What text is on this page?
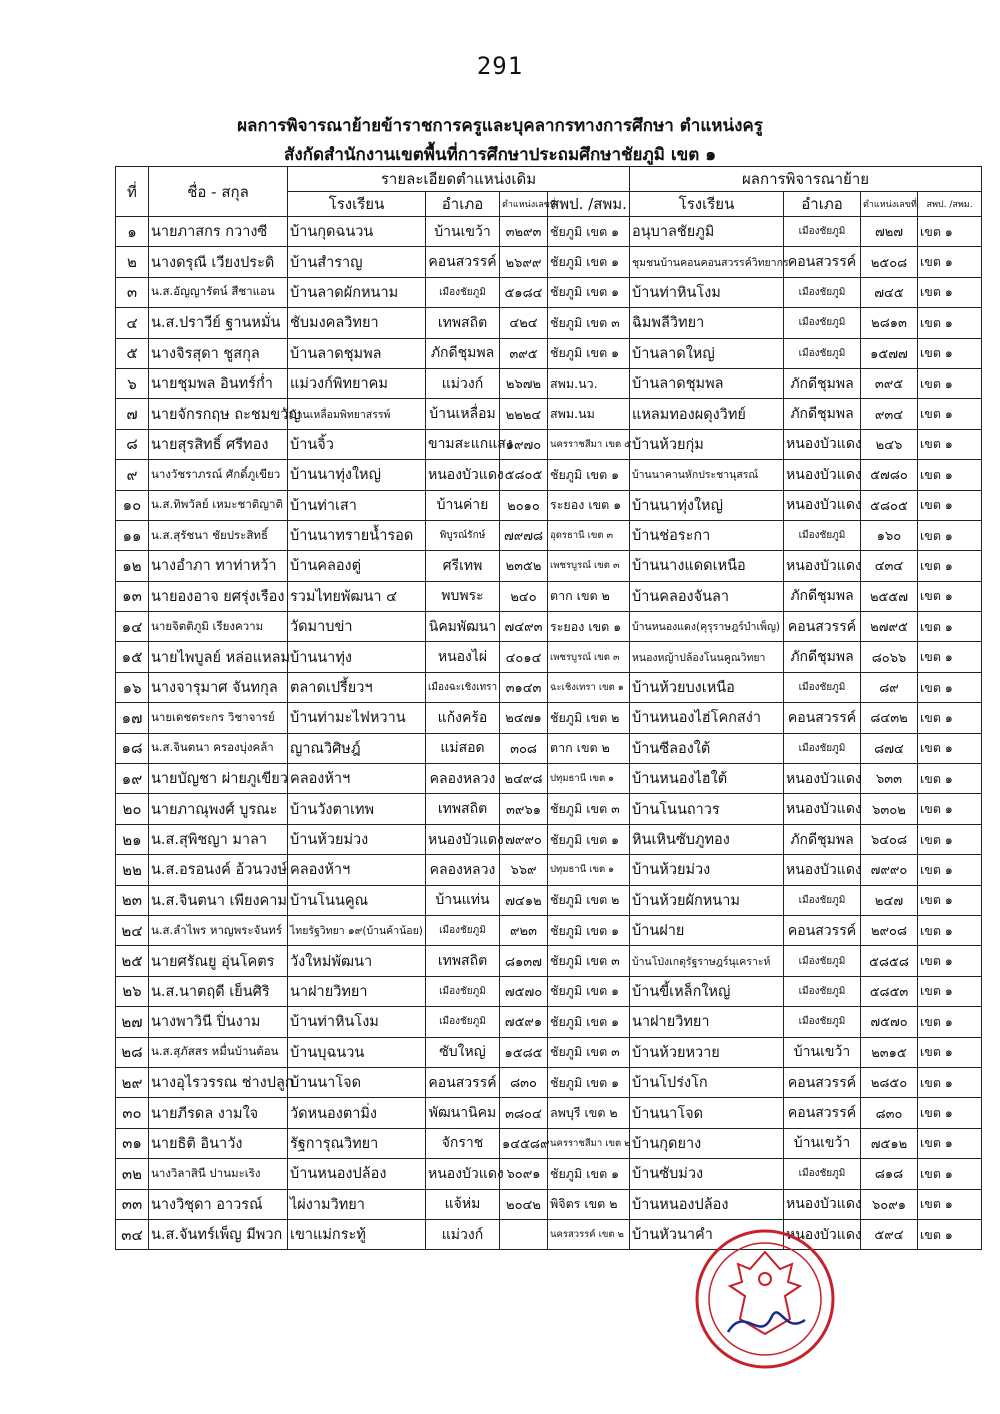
291
ผลการพิจารณาย้ายข้าราชการครูและบุคลากรทางการศึกษา ตำแหน่งครู
สังกัดสำนักงานเขตพื้นที่การศึกษาประถมศึกษาชัยภูมิ เขต ๑
ที่	ชื่อ - สกุล	รายละเอียดตำแหน่งเดิม				ผลการพิจารณาย้าย			
		โรงเรียน	อำเภอ	ตำแหน่งเลขที่	สพป. /สพม.	โรงเรียน	อำเภอ	ตำแหน่งเลขที่	สพป. /สพม.
๑	นายภาสกร กวางซี	บ้านกุดฉนวน	บ้านเขว้า	๓๒๙๓	ชัยภูมิ เขต ๑	อนุบาลชัยภูมิ	เมืองชัยภูมิ	๗๒๗	เขต ๑
๒	นางดรุณี เวียงประดิ	บ้านสำราญ	คอนสวรรค์	๒๖๙๙	ชัยภูมิ เขต ๑	ชุมชนบ้านคอนคอนสวรรค์วิทยากร	คอนสวรรค์	๒๕๐๘	เขต ๑
๓	น.ส.อัญญารัตน์ สีชาแอน	บ้านลาดผักหนาม	เมืองชัยภูมิ	๕๑๘๔	ชัยภูมิ เขต ๑	บ้านท่าหินโงม	เมืองชัยภูมิ	๗๔๕	เขต ๑
๔	น.ส.ปราวีย์ ฐานหมั่น	ชับมงคลวิทยา	เทพสถิต	๔๒๔	ชัยภูมิ เขต ๓	ฉิมพลีวิทยา	เมืองชัยภูมิ	๒๘๑๓	เขต ๑
๕	นางจิรสุดา ชูสกุล	บ้านลาดชุมพล	ภักดีชุมพล	๓๙๕	ชัยภูมิ เขต ๑	บ้านลาดใหญ่	เมืองชัยภูมิ	๑๕๗๗	เขต ๑
๖	นายชุมพล อินทร์ก่ำ	แม่วงก์พิทยาคม	แม่วงก์	๒๖๗๒	สพม.นว.	บ้านลาดชุมพล	ภักดีชุมพล	๓๙๕	เขต ๑
๗	นายจักรกฤษ ถะชมขวัญ	บ้านเหลื่อมพิทยาสรรพ์	บ้านเหลื่อม	๒๒๒๔	สพม.นม	แหลมทองผดุงวิทย์	ภักดีชุมพล	๙๓๔	เขต ๑
๘	นายสุรสิทธิ์ ศรีทอง	บ้านจิ้ว	ขามสะแกแสง	๑๙๗๐	นครราชสีมา เขต ๕	บ้านห้วยกุ่ม	หนองบัวแดง	๒๔๖	เขต ๑
๙	นางวัชราภรณ์ ศักดิ์ภูเขียว	บ้านนาทุ่งใหญ่	หนองบัวแดง	๕๘๐๕	ชัยภูมิ เขต ๑	บ้านนาคานหักประชานุสรณ์	หนองบัวแดง	๕๗๘๐	เขต ๑
๑๐	น.ส.ทิพวัลย์ เหมะชาติญาติ	บ้านท่าเสา	บ้านค่าย	๒๐๑๐	ระยอง เขต ๑	บ้านนาทุ่งใหญ่	หนองบัวแดง	๕๘๐๕	เขต ๑
๑๑	น.ส.สุรัชนา ชัยประสิทธิ์	บ้านนาทรายน้ำรอด	พิบูรณ์รักษ์	๗๙๗๘	อุดรธานี เขต ๓	บ้านช่อระกา	เมืองชัยภูมิ	๑๖๐	เขต ๑
๑๒	นางอำภา ทาท่าหว้า	บ้านคลองตู่	ศรีเทพ	๒๓๕๒	เพชรบูรณ์ เขต ๓	บ้านนางแดดเหนือ	หนองบัวแดง	๔๓๔	เขต ๑
๑๓	นายองอาจ ยศรุ่งเรือง	รวมไทยพัฒนา ๔	พบพระ	๒๔๐	ตาก เขต ๒	บ้านคลองจันลา	ภักดีชุมพล	๒๕๕๗	เขต ๑
๑๔	นายจิตติภูมิ เรียงความ	วัดมาบข่า	นิคมพัฒนา	๗๔๙๓	ระยอง เขต ๑	บ้านหนองแดง(คุรุราษฎร์บำเพ็ญ)	คอนสวรรค์	๒๗๙๕	เขต ๑
๑๕	นายไพบูลย์ หล่อแหลม	บ้านนาทุ่ง	หนองไผ่	๔๐๑๔	เพชรบูรณ์ เขต ๓	หนองหญ้าปล้องโนนคูณวิทยา	ภักดีชุมพล	๘๐๖๖	เขต ๑
๑๖	นางจารุมาศ จันทกุล	ตลาดเปรี้ยวฯ	เมืองฉะเชิงเทรา	๓๑๔๓	ฉะเชิงเทรา เขต ๑	บ้านห้วยบงเหนือ	เมืองชัยภูมิ	๘๙	เขต ๑
๑๗	นายเดชตระกร วิชาจารย์	บ้านท่ามะไฟหวาน	แก้งคร้อ	๒๔๗๑	ชัยภูมิ เขต ๒	บ้านหนองไฮ่โคกสง่า	คอนสวรรค์	๘๔๓๒	เขต ๑
๑๘	น.ส.จินตนา ครองบุ่งคล้า	ญาณวิศิษฎ์	แม่สอด	๓๐๘	ตาก เขต ๒	บ้านซีลองใต้	เมืองชัยภูมิ	๘๗๔	เขต ๑
๑๙	นายบัญชา ผ่ายภูเขียว	คลองห้าฯ	คลองหลวง	๒๔๙๘	ปทุมธานี เขต ๑	บ้านหนองไฮใต้	หนองบัวแดง	๖๓๓	เขต ๑
๒๐	นายภาณุพงศ์ บูรณะ	บ้านวังตาเทพ	เทพสถิต	๓๙๖๑	ชัยภูมิ เขต ๓	บ้านโนนถาวร	หนองบัวแดง	๖๓๐๒	เขต ๑
๒๑	น.ส.สุพิชญา มาลา	บ้านห้วยม่วง	หนองบัวแดง	๗๙๙๐	ชัยภูมิ เขต ๑	หินเหินซับภูทอง	ภักดีชุมพล	๖๔๐๘	เขต ๑
๒๒	น.ส.อรอนงค์ อ้วนวงษ์	คลองห้าฯ	คลองหลวง	๖๖๙	ปทุมธานี เขต ๑	บ้านห้วยม่วง	หนองบัวแดง	๗๙๙๐	เขต ๑
๒๓	น.ส.จินตนา เพียงคาม	บ้านโนนคูณ	บ้านแท่น	๗๔๑๒	ชัยภูมิ เขต ๒	บ้านห้วยผักหนาม	เมืองชัยภูมิ	๒๔๗	เขต ๑
๒๔	น.ส.ลำไพร หาญพระจันทร์	ไทยรัฐวิทยา ๑๙(บ้านค้าน้อย)	เมืองชัยภูมิ	๙๒๓	ชัยภูมิ เขต ๑	บ้านฝาย	คอนสวรรค์	๒๙๐๘	เขต ๑
๒๕	นายศรัณยู อุ่นโคตร	วังใหม่พัฒนา	เทพสถิต	๘๑๓๗	ชัยภูมิ เขต ๓	บ้านโป่งเกตุรัฐราษฎร์นุเคราะห์	เมืองชัยภูมิ	๕๘๕๘	เขต ๑
๒๖	น.ส.นาตฤดี เย็นศิริ	นาฝายวิทยา	เมืองชัยภูมิ	๗๕๗๐	ชัยภูมิ เขต ๑	บ้านขี้เหล็กใหญ่	เมืองชัยภูมิ	๕๘๕๓	เขต ๑
๒๗	นางพาวินี ปิ่นงาม	บ้านท่าหินโงม	เมืองชัยภูมิ	๗๕๙๑	ชัยภูมิ เขต ๑	นาฝายวิทยา	เมืองชัยภูมิ	๗๕๗๐	เขต ๑
๒๘	น.ส.สุภัสสร หมื่นบ้านต้อน	บ้านบุฉนวน	ซับใหญ่	๑๕๘๕	ชัยภูมิ เขต ๓	บ้านห้วยหวาย	บ้านเขว้า	๒๓๑๕	เขต ๑
๒๙	นางอุไรวรรณ ช่างปลูก	บ้านนาโจด	คอนสวรรค์	๘๓๐	ชัยภูมิ เขต ๑	บ้านโปร่งโก	คอนสวรรค์	๒๘๕๐	เขต ๑
๓๐	นายภีรดล งามใจ	วัดหนองตามิ่ง	พัฒนานิคม	๓๘๐๔	ลพบุรี เขต ๒	บ้านนาโจด	คอนสวรรค์	๘๓๐	เขต ๑
๓๑	นายธิติ อินาวัง	รัฐการุณวิทยา	จักราช	๑๔๕๘๙	นครราชสีมา เขต ๒	บ้านกุดยาง	บ้านเขว้า	๗๕๑๒	เขต ๑
๓๒	นางวิลาสินี ปานมะเริง	บ้านหนองปล้อง	หนองบัวแดง	๖๐๙๑	ชัยภูมิ เขต ๑	บ้านซับม่วง	เมืองชัยภูมิ	๘๑๘	เขต ๑
๓๓	นางวิชุดา อาวรณ์	ไผ่งามวิทยา	แจ้ห่ม	๒๐๔๒	พิจิตร เขต ๒	บ้านหนองปล้อง	หนองบัวแดง	๖๐๙๑	เขต ๑
๓๔	น.ส.จันทร์เพ็ญ มีพวก	เขาแม่กระทู้	แม่วงก์		นครสวรรค์ เขต ๒	บ้านหัวนาคำ	หนองบัวแดง	๕๙๔	เขต ๑
